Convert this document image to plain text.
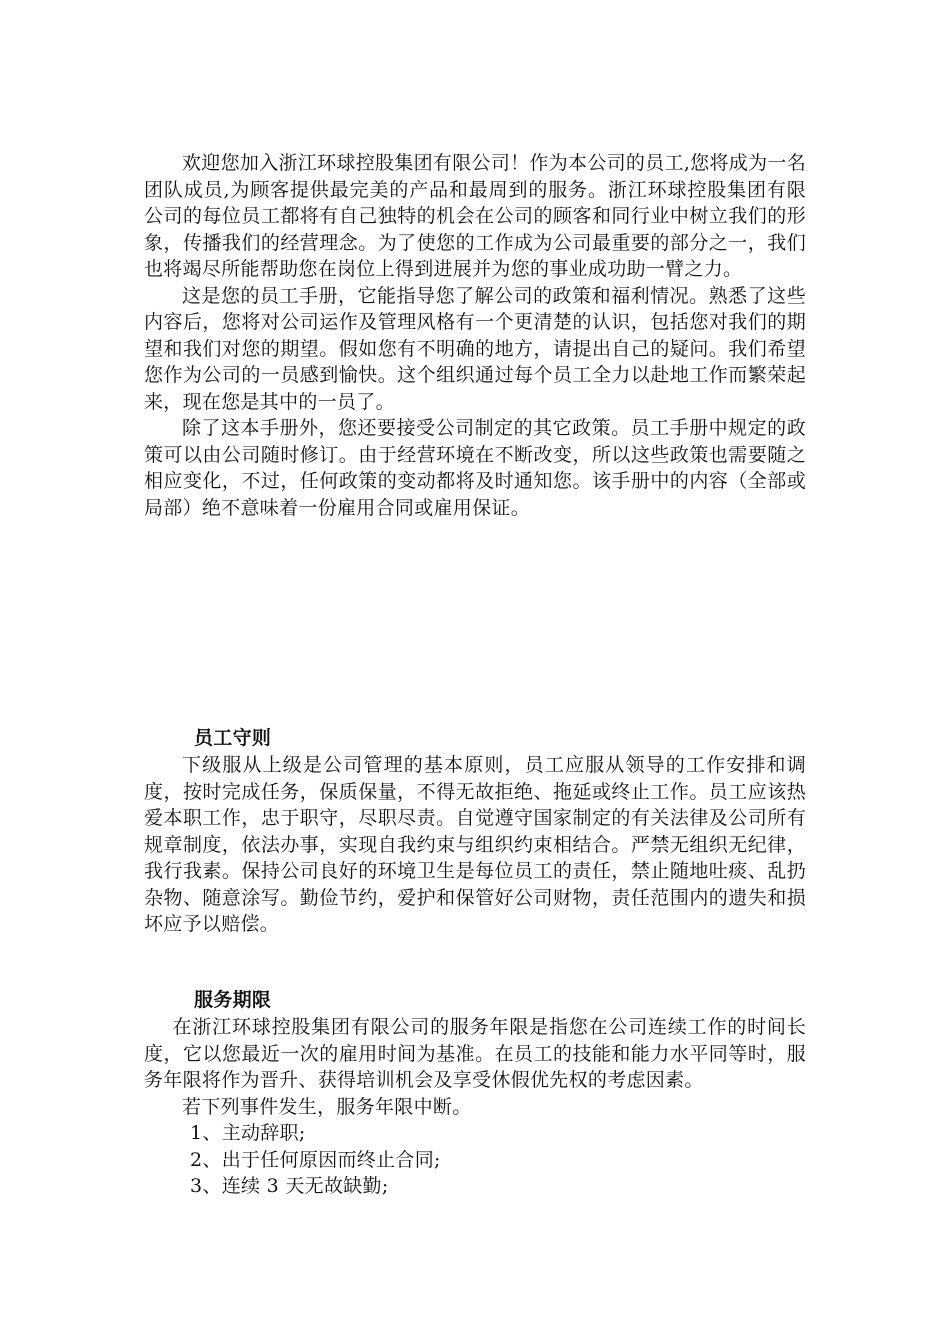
欢迎您加入浙江环球控股集团有限公司！作为本公司的员工,您将成为一名团队成员,为顾客提供最完美的产品和最周到的服务。浙江环球控股集团有限公司的每位员工都将有自己独特的机会在公司的顾客和同行业中树立我们的形象，传播我们的经营理念。为了使您的工作成为公司最重要的部分之一，我们也将竭尽所能帮助您在岗位上得到进展并为您的事业成功助一臂之力。

这是您的员工手册，它能指导您了解公司的政策和福利情况。熟悉了这些内容后，您将对公司运作及管理风格有一个更清楚的认识，包括您对我们的期望和我们对您的期望。假如您有不明确的地方，请提出自己的疑问。我们希望您作为公司的一员感到愉快。这个组织通过每个员工全力以赴地工作而繁荣起来，现在您是其中的一员了。

除了这本手册外，您还要接受公司制定的其它政策。员工手册中规定的政策可以由公司随时修订。由于经营环境在不断改变，所以这些政策也需要随之相应变化，不过，任何政策的变动都将及时通知您。该手册中的内容（全部或局部）绝不意味着一份雇用合同或雇用保证。

员工守则

下级服从上级是公司管理的基本原则，员工应服从领导的工作安排和调度，按时完成任务，保质保量，不得无故拒绝、拖延或终止工作。员工应该热爱本职工作，忠于职守，尽职尽责。自觉遵守国家制定的有关法律及公司所有规章制度，依法办事，实现自我约束与组织约束相结合。严禁无组织无纪律，我行我素。保持公司良好的环境卫生是每位员工的责任，禁止随地吐痰、乱扔杂物、随意涂写。勤俭节约，爱护和保管好公司财物，责任范围内的遗失和损坏应予以赔偿。

服务期限

在浙江环球控股集团有限公司的服务年限是指您在公司连续工作的时间长度，它以您最近一次的雇用时间为基准。在员工的技能和能力水平同等时，服务年限将作为晋升、获得培训机会及享受休假优先权的考虑因素。

若下列事件发生，服务年限中断。

1、主动辞职;

2、出于任何原因而终止合同;

3、连续 3 天无故缺勤;
